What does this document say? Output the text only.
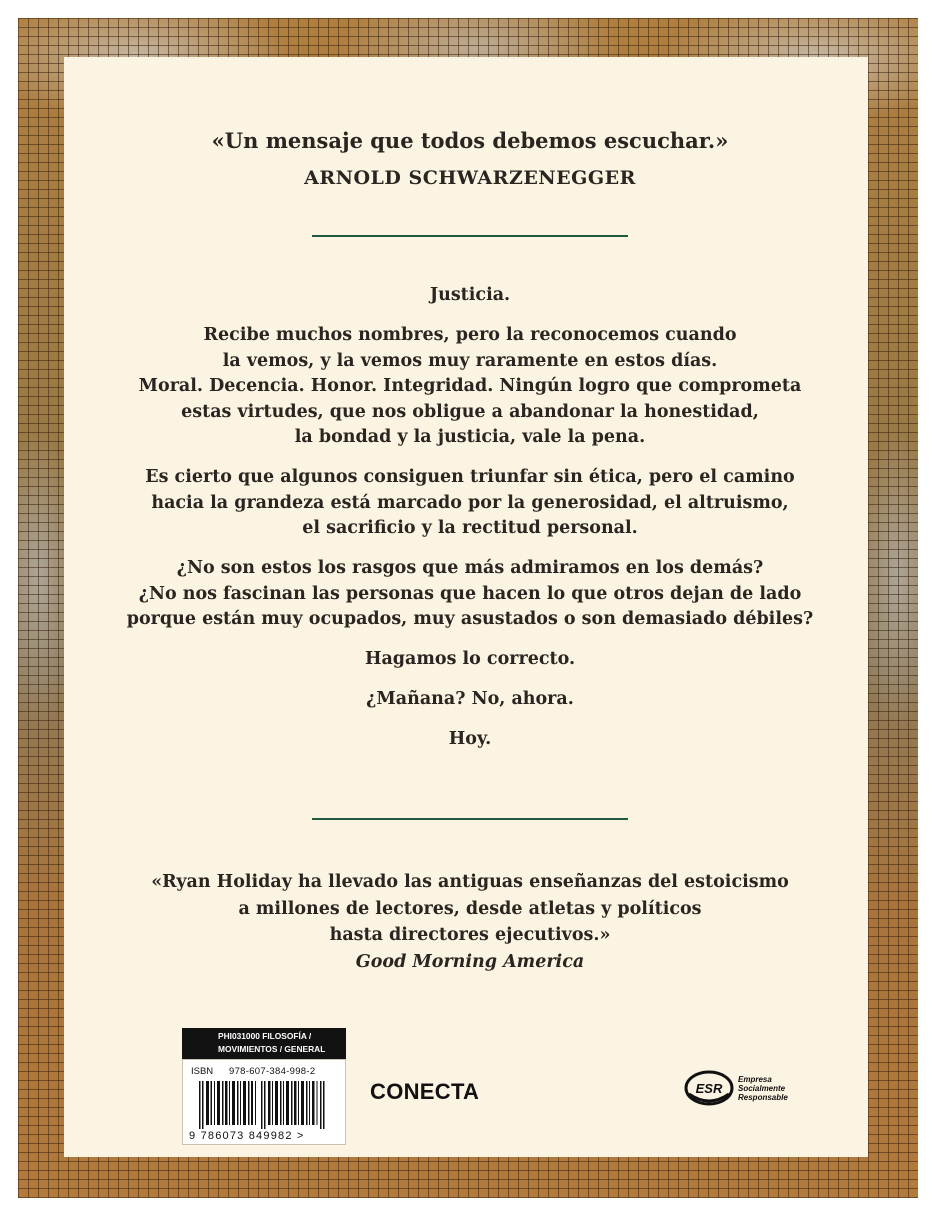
«Un mensaje que todos debemos escuchar.»
ARNOLD SCHWARZENEGGER

Justicia.

Recibe muchos nombres, pero la reconocemos cuando
la vemos, y la vemos muy raramente en estos días.
Moral. Decencia. Honor. Integridad. Ningún logro que comprometa
estas virtudes, que nos obligue a abandonar la honestidad,
la bondad y la justicia, vale la pena.

Es cierto que algunos consiguen triunfar sin ética, pero el camino
hacia la grandeza está marcado por la generosidad, el altruismo,
el sacrificio y la rectitud personal.

¿No son estos los rasgos que más admiramos en los demás?
¿No nos fascinan las personas que hacen lo que otros dejan de lado
porque están muy ocupados, muy asustados o son demasiado débiles?

Hagamos lo correcto.

¿Mañana? No, ahora.

Hoy.

«Ryan Holiday ha llevado las antiguas enseñanzas del estoicismo

a millones de lectores, desde atletas y políticos

hasta directores ejecutivos.»

Good Morning America

PHI031000 FILOSOFÍA /
MOVIMIENTOS / GENERAL
ISBN 978-607-384-998-2
9 786073 849982 >
CONECTA	ESR
Empresa
Socialmente
Responsable
